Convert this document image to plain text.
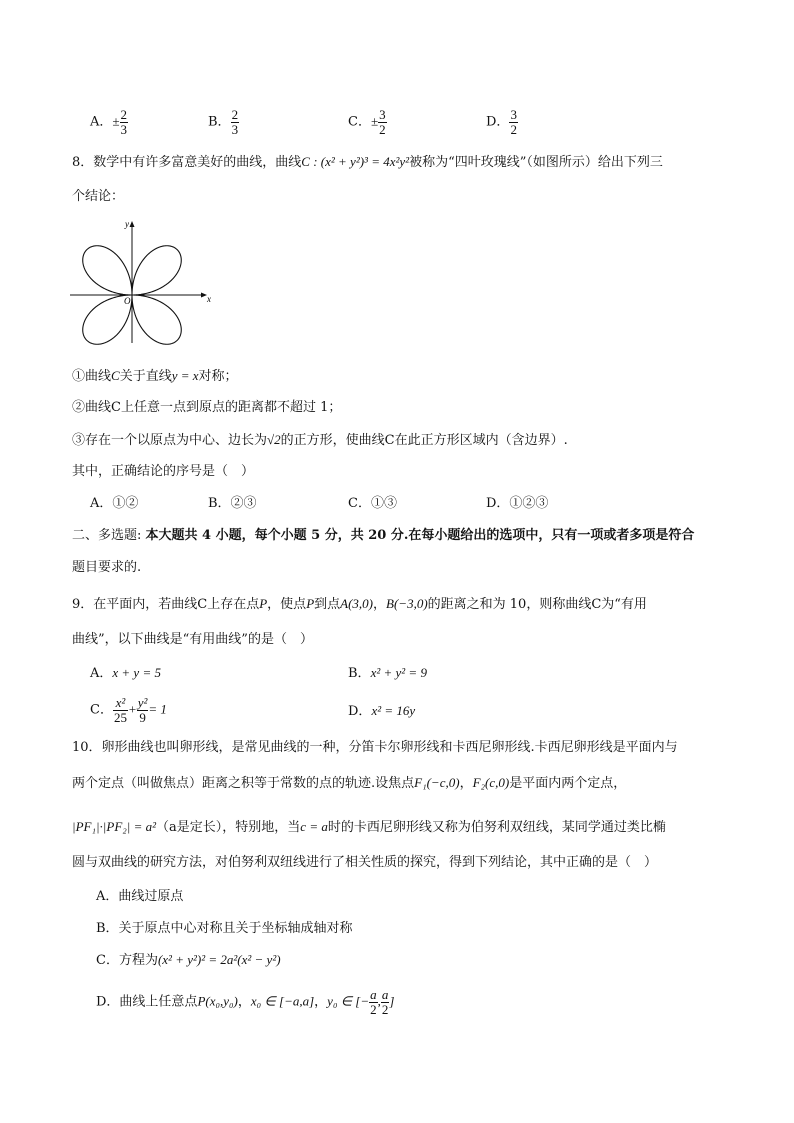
A．± $\frac{2}{3}$	B． $\frac{2}{3}$	C．± $\frac{3}{2}$	D． $\frac{3}{2}$
8．数学中有许多富意美好的曲线，曲线C : (x² + y²)³ = 4x²y²被称为“四叶玫瑰线”（如图所示）给出下列三
个结论：
x
y
O
①曲线C关于直线y = x对称；
②曲线C上任意一点到原点的距离都不超过 1；
③存在一个以原点为中心、边长为√2的正方形，使曲线C在此正方形区域内（含边界）.
其中，正确结论的序号是（　）
A．①②	B．②③	C．①③	D．①②③
二、多选题: 本大题共 4 小题，每个小题 5 分，共 20 分.在每小题给出的选项中，只有一项或者多项是符合
题目要求的.
9．在平面内，若曲线C上存在点P，使点P到点A(3,0)，B(−3,0)的距离之和为 10，则称曲线C为“有用
曲线”，以下曲线是“有用曲线”的是（　）
A．x + y = 5	B．x² + y² = 9
C． $\frac{\text{x²}}{25} + \frac{\text{y²}}{9} = 1$	D．x² = 16y
10．卵形曲线也叫卵形线，是常见曲线的一种，分笛卡尔卵形线和卡西尼卵形线.卡西尼卵形线是平面内与
两个定点（叫做焦点）距离之积等于常数的点的轨迹.设焦点F₁(−c,0)，F₂(c,0)是平面内两个定点，
|PF₁|·|PF₂| = a²（a是定长），特别地，当c = a时的卡西尼卵形线又称为伯努利双纽线，某同学通过类比椭
圆与双曲线的研究方法，对伯努利双纽线进行了相关性质的探究，得到下列结论，其中正确的是（　）
A．曲线过原点
B．关于原点中心对称且关于坐标轴成轴对称
C．方程为(x² + y²)² = 2a²(x² − y²)
D．曲线上任意点P(x₀,y₀)，x₀ ∈ [−a,a]，y₀ ∈ [− $\frac{a}{2}$ , $\frac{a}{2}$ ]
